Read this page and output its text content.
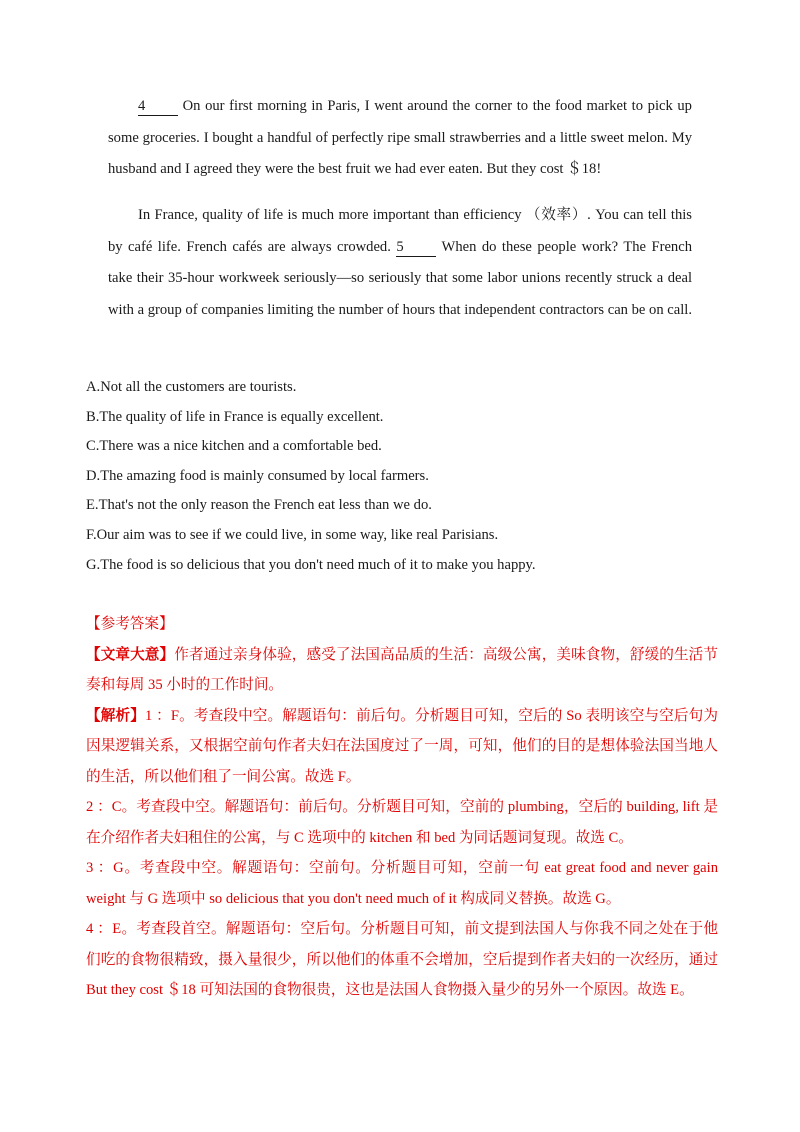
4	On our first morning in Paris, I went around the corner to the food market to pick up some groceries. I bought a handful of perfectly ripe small strawberries and a little sweet melon. My husband and I agreed they were the best fruit we had ever eaten. But they cost ＄18!
In France, quality of life is much more important than efficiency （效率）. You can tell this by café life. French cafés are always crowded. 5	When do these people work? The French take their 35-hour workweek seriously—so seriously that some labor unions recently struck a deal with a group of companies limiting the number of hours that independent contractors can be on call.
A.Not all the customers are tourists.
B.The quality of life in France is equally excellent.
C.There was a nice kitchen and a comfortable bed.
D.The amazing food is mainly consumed by local farmers.
E.That's not the only reason the French eat less than we do.
F.Our aim was to see if we could live, in some way, like real Parisians.
G.The food is so delicious that you don't need much of it to make you happy.

【参考答案】

【文章大意】作者通过亲身体验，感受了法国高品质的生活：高级公寓，美味食物，舒缓的生活节奏和每周 35 小时的工作时间。

【解析】1 ：F。考查段中空。解题语句：前后句。分析题目可知，空后的 So 表明该空与空后句为因果逻辑关系，又根据空前句作者夫妇在法国度过了一周，可知，他们的目的是想体验法国当地人的生活，所以他们租了一间公寓。故选 F。

2 ：C。考查段中空。解题语句：前后句。分析题目可知，空前的 plumbing，空后的 building, lift 是在介绍作者夫妇租住的公寓，与 C 选项中的 kitchen 和 bed 为同话题词复现。故选 C。

3 ：G。考查段中空。解题语句：空前句。分析题目可知，空前一句 eat great food and never gain weight 与 G 选项中 so delicious that you don't need much of it 构成同义替换。故选 G。

4 ：E。考查段首空。解题语句：空后句。分析题目可知，前文提到法国人与你我不同之处在于他们吃的食物很精致，摄入量很少，所以他们的体重不会增加，空后提到作者夫妇的一次经历，通过 But they cost ＄18 可知法国的食物很贵，这也是法国人食物摄入量少的另外一个原因。故选 E。
